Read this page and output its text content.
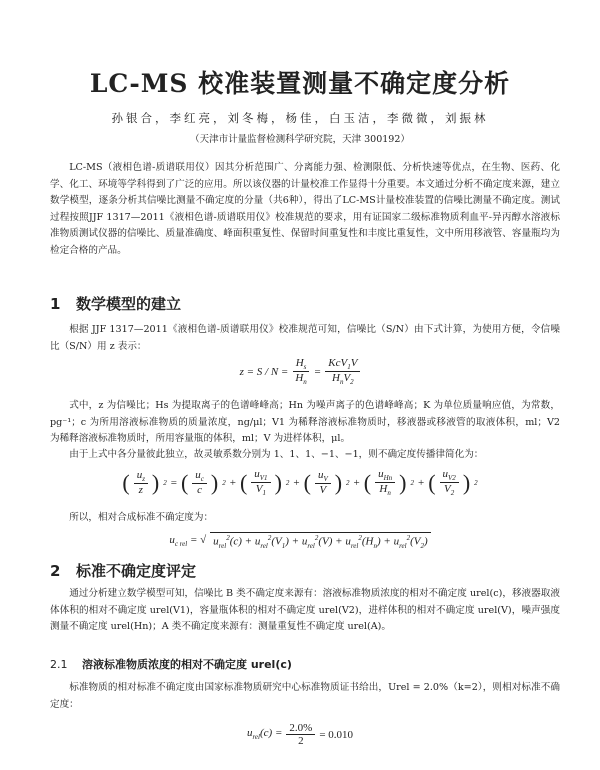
LC-MS 校准装置测量不确定度分析
孙银合，李红亮，刘冬梅，杨佳，白玉洁，李微微，刘振林
（天津市计量监督检测科学研究院，天津 300192）
LC-MS（液相色谱-质谱联用仪）因其分析范围广、分离能力强、检测限低、分析快速等优点，在生物、医药、化学、化工、环境等学科得到了广泛的应用。所以该仪器的计量校准工作显得十分重要。本文通过分析不确定度来源，建立数学模型，逐条分析其信噪比测量不确定度的分量（共6种），得出了LC-MS计量校准装置的信噪比测量不确定度。测试过程按照JJF 1317—2011《液相色谱-质谱联用仪》校准规范的要求，用有证国家二级标准物质利血平-异丙醇水溶液标准物质测试仪器的信噪比、质量准确度、峰面积重复性、保留时间重复性和丰度比重复性，文中所用移液管、容量瓶均为检定合格的产品。
1 数学模型的建立
根据 JJF 1317—2011《液相色谱-质谱联用仪》校准规范可知，信噪比（S/N）由下式计算，为使用方便，令信噪比（S/N）用 z 表示：
$z = S / N = \frac{H_s}{H_n} = \frac{KcV_1V}{H_nV_2}$
式中，z 为信噪比；Hs 为提取离子的色谱峰峰高；Hn 为噪声离子的色谱峰峰高；K 为单位质量响应值，为常数，pg⁻¹；c 为所用溶液标准物质的质量浓度，ng/μl；V1 为稀释溶液标准物质时，移液器或移液管的取液体积，ml；V2 为稀释溶液标准物质时，所用容量瓶的体积，ml；V 为进样体积，μl。
由于上式中各分量彼此独立，故灵敏系数分别为 1、1、1、−1、−1，则不确定度传播律简化为：
( $\frac{u_z}{z}$ ) 2 = ( $\frac{u_c}{c}$ ) 2 + ( $\frac{u_{V1}}{V_1}$ ) 2 + ( $\frac{u_V}{V}$ ) 2 + ( $\frac{u_{Hn}}{H_n}$ ) 2 + ( $\frac{u_{V2}}{V_2}$ ) 2
所以，相对合成标准不确定度为：
$u_{c rel}$ = √ $u_{rel}^2(c) + u_{rel}^2(V_1) + u_{rel}^2(V) + u_{rel}^2(H_n) + u_{rel}^2(V_2)$
2 标准不确定度评定
通过分析建立数学模型可知，信噪比 B 类不确定度来源有：溶液标准物质浓度的相对不确定度 urel(c)，移液器取液体体积的相对不确定度 urel(V1)，容量瓶体积的相对不确定度 urel(V2)，进样体积的相对不确定度 urel(V)，噪声强度测量不确定度 urel(Hn)；A 类不确定度来源有：测量重复性不确定度 urel(A)。
2.1 溶液标准物质浓度的相对不确定度 urel(c)
标准物质的相对标准不确定度由国家标准物质研究中心标准物质证书给出，Urel = 2.0%（k=2），则相对标准不确定度：
$u_{rel}(c) = \frac{2.0\%}{2} = 0.010$
